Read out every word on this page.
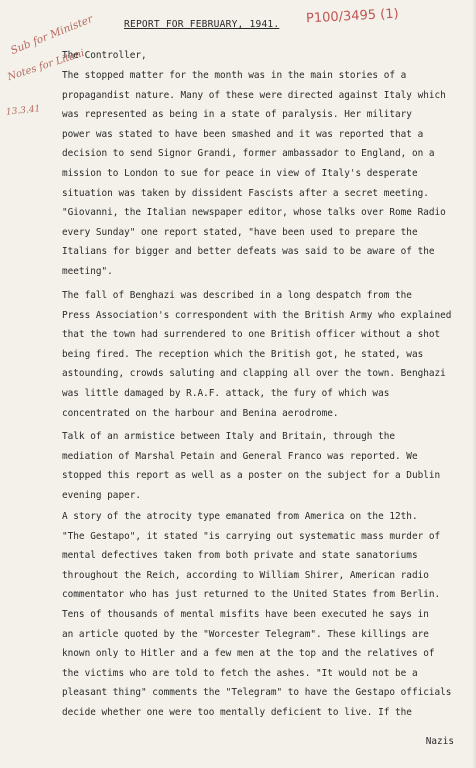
REPORT FOR FEBRUARY, 1941. P100/3495 (1)
Sub for Minister
Notes for Litani
13.3.41
The Controller,
The stopped matter for the month was in the main stories of a
propagandist nature. Many of these were directed against Italy which
was represented as being in a state of paralysis. Her military
power was stated to have been smashed and it was reported that a
decision to send Signor Grandi, former ambassador to England, on a
mission to London to sue for peace in view of Italy's desperate
situation was taken by dissident Fascists after a secret meeting.
"Giovanni, the Italian newspaper editor, whose talks over Rome Radio
every Sunday" one report stated, "have been used to prepare the
Italians for bigger and better defeats was said to be aware of the
meeting".
The fall of Benghazi was described in a long despatch from the
Press Association's correspondent with the British Army who explained
that the town had surrendered to one British officer without a shot
being fired. The reception which the British got, he stated, was
astounding, crowds saluting and clapping all over the town. Benghazi
was little damaged by R.A.F. attack, the fury of which was
concentrated on the harbour and Benina aerodrome.
Talk of an armistice between Italy and Britain, through the
mediation of Marshal Petain and General Franco was reported. We
stopped this report as well as a poster on the subject for a Dublin
evening paper.
A story of the atrocity type emanated from America on the 12th.
"The Gestapo", it stated "is carrying out systematic mass murder of
mental defectives taken from both private and state sanatoriums
throughout the Reich, according to William Shirer, American radio
commentator who has just returned to the United States from Berlin.
Tens of thousands of mental misfits have been executed he says in
an article quoted by the "Worcester Telegram". These killings are
known only to Hitler and a few men at the top and the relatives of
the victims who are told to fetch the ashes. "It would not be a
pleasant thing" comments the "Telegram" to have the Gestapo officials
decide whether one were too mentally deficient to live. If the
Nazis
